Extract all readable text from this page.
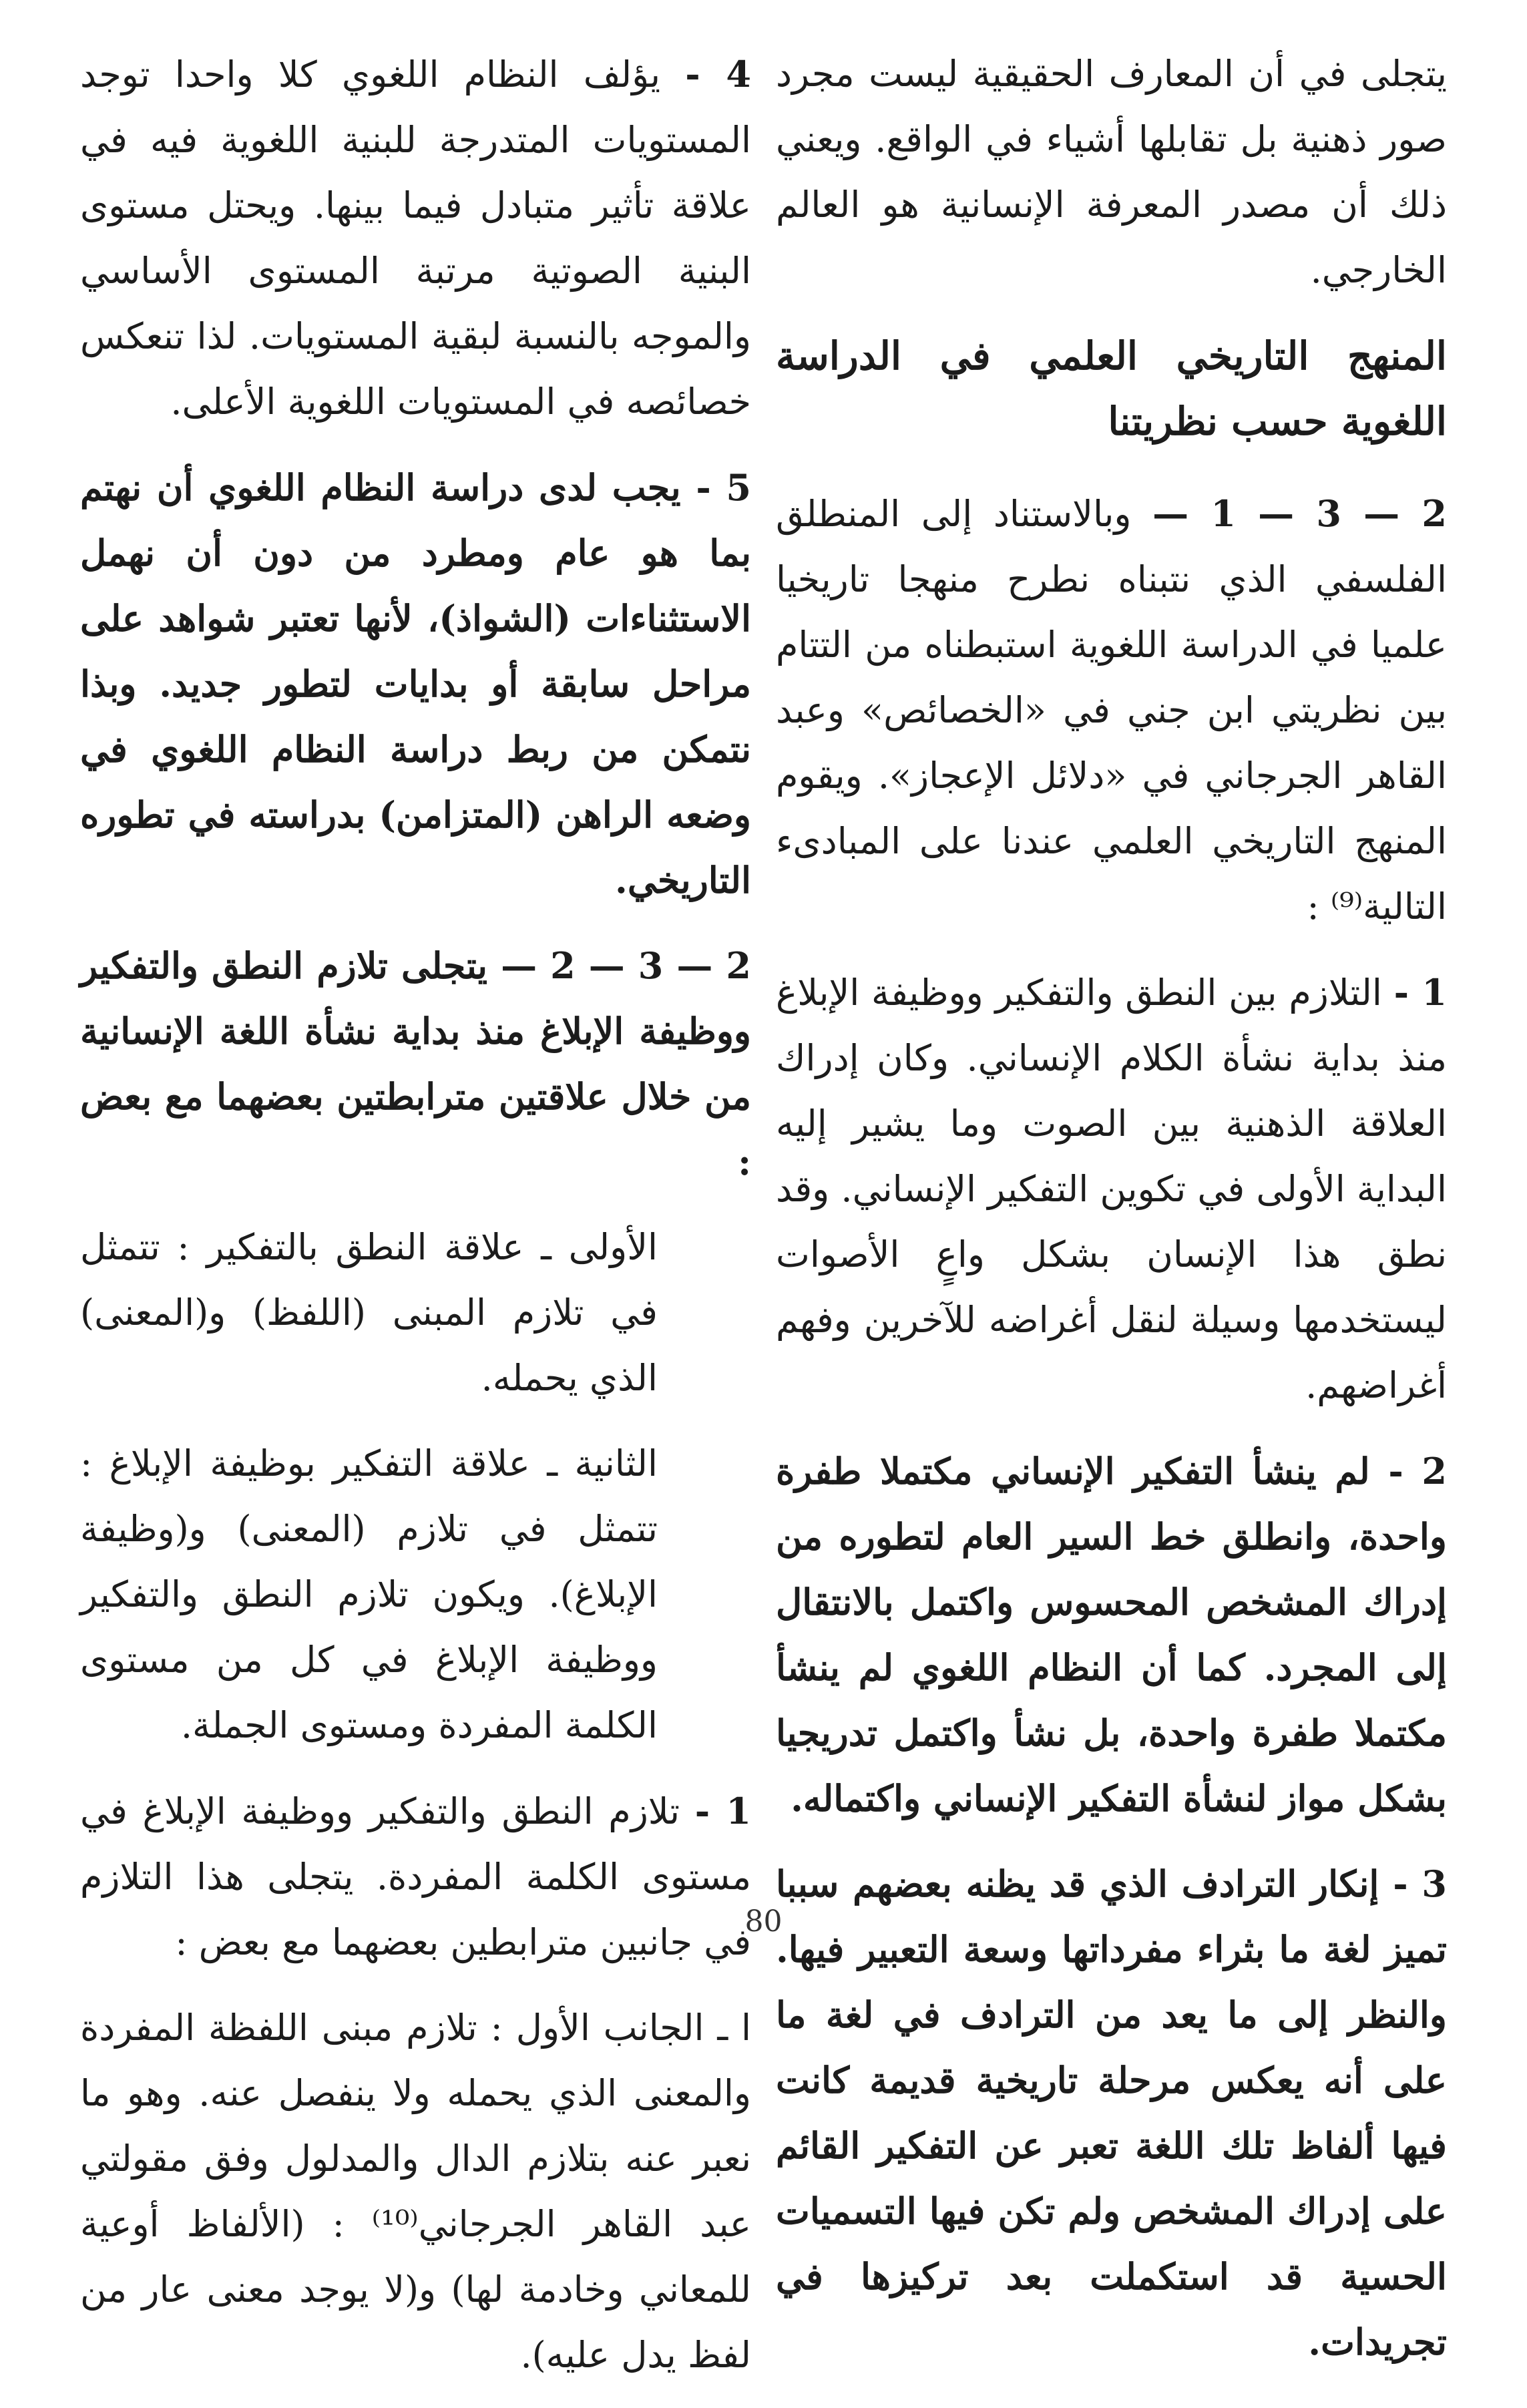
يتجلى في أن المعارف الحقيقية ليست مجرد صور ذهنية بل تقابلها أشياء في الواقع. ويعني ذلك أن مصدر المعرفة الإنسانية هو العالم الخارجي.

المنهج التاريخي العلمي في الدراسة اللغوية حسب نظريتنا

2 — 3 — 1 — وبالاستناد إلى المنطلق الفلسفي الذي نتبناه نطرح منهجا تاريخيا علميا في الدراسة اللغوية استبطناه من التتام بين نظريتي ابن جني في «الخصائص» وعبد القاهر الجرجاني في «دلائل الإعجاز». ويقوم المنهج التاريخي العلمي عندنا على المبادىء التالية⁽⁹⁾ :

1 - التلازم بين النطق والتفكير ووظيفة الإبلاغ منذ بداية نشأة الكلام الإنساني. وكان إدراك العلاقة الذهنية بين الصوت وما يشير إليه البداية الأولى في تكوين التفكير الإنساني. وقد نطق هذا الإنسان بشكل واعٍ الأصوات ليستخدمها وسيلة لنقل أغراضه للآخرين وفهم أغراضهم.

2 - لم ينشأ التفكير الإنساني مكتملا طفرة واحدة، وانطلق خط السير العام لتطوره من إدراك المشخص المحسوس واكتمل بالانتقال إلى المجرد. كما أن النظام اللغوي لم ينشأ مكتملا طفرة واحدة، بل نشأ واكتمل تدريجيا بشكل مواز لنشأة التفكير الإنساني واكتماله.

3 - إنكار الترادف الذي قد يظنه بعضهم سببا تميز لغة ما بثراء مفرداتها وسعة التعبير فيها. والنظر إلى ما يعد من الترادف في لغة ما على أنه يعكس مرحلة تاريخية قديمة كانت فيها ألفاظ تلك اللغة تعبر عن التفكير القائم على إدراك المشخص ولم تكن فيها التسميات الحسية قد استكملت بعد تركيزها في تجريدات.

4 - يؤلف النظام اللغوي كلا واحدا توجد المستويات المتدرجة للبنية اللغوية فيه في علاقة تأثير متبادل فيما بينها. ويحتل مستوى البنية الصوتية مرتبة المستوى الأساسي والموجه بالنسبة لبقية المستويات. لذا تنعكس خصائصه في المستويات اللغوية الأعلى.

5 - يجب لدى دراسة النظام اللغوي أن نهتم بما هو عام ومطرد من دون أن نهمل الاستثناءات (الشواذ)، لأنها تعتبر شواهد على مراحل سابقة أو بدايات لتطور جديد. وبذا نتمكن من ربط دراسة النظام اللغوي في وضعه الراهن (المتزامن) بدراسته في تطوره التاريخي.

2 — 3 — 2 — يتجلى تلازم النطق والتفكير ووظيفة الإبلاغ منذ بداية نشأة اللغة الإنسانية من خلال علاقتين مترابطتين بعضهما مع بعض :

الأولى ـ علاقة النطق بالتفكير : تتمثل في تلازم المبنى (اللفظ) و(المعنى) الذي يحمله.

الثانية ـ علاقة التفكير بوظيفة الإبلاغ : تتمثل في تلازم (المعنى) و(وظيفة الإبلاغ). ويكون تلازم النطق والتفكير ووظيفة الإبلاغ في كل من مستوى الكلمة المفردة ومستوى الجملة.

1 - تلازم النطق والتفكير ووظيفة الإبلاغ في مستوى الكلمة المفردة. يتجلى هذا التلازم في جانبين مترابطين بعضهما مع بعض :

ا ـ الجانب الأول : تلازم مبنى اللفظة المفردة والمعنى الذي يحمله ولا ينفصل عنه. وهو ما نعبر عنه بتلازم الدال والمدلول وفق مقولتي عبد القاهر الجرجاني⁽¹⁰⁾ : (الألفاظ أوعية للمعاني وخادمة لها) و(لا يوجد معنى عار من لفظ يدل عليه).

80
